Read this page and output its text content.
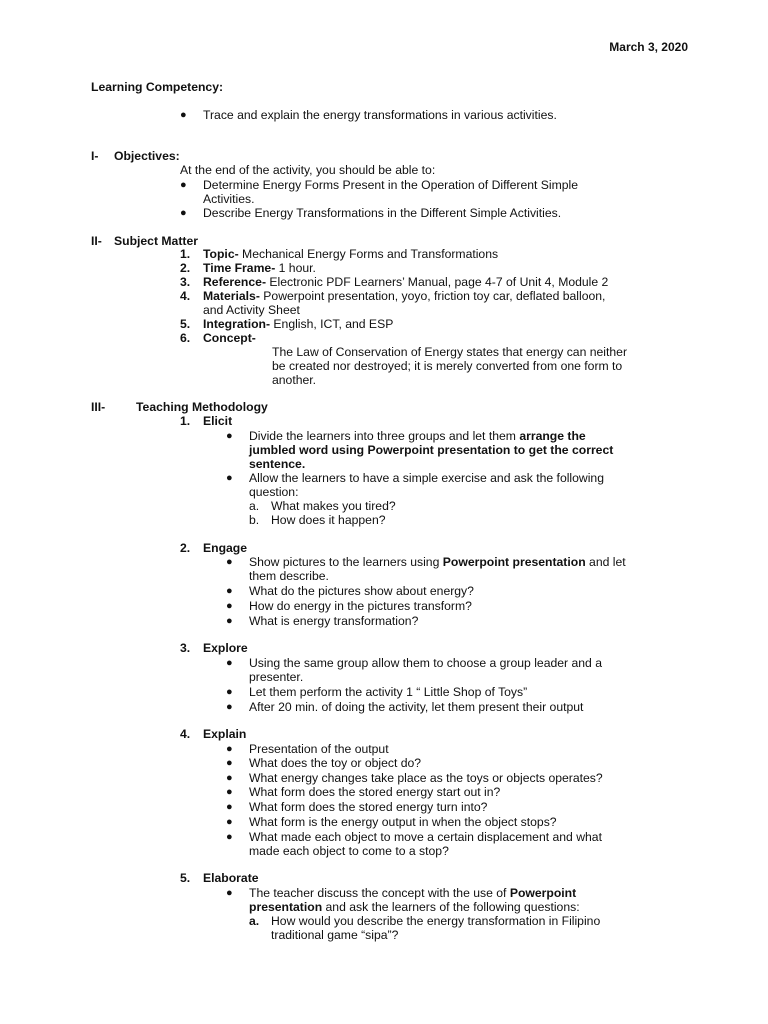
March 3, 2020
Learning Competency:
● Trace and explain the energy transformations in various activities.
I- Objectives:
At the end of the activity, you should be able to:
● Determine Energy Forms Present in the Operation of Different Simple
Activities.
● Describe Energy Transformations in the Different Simple Activities.
II- Subject Matter
1. Topic- Mechanical Energy Forms and Transformations
2. Time Frame- 1 hour.
3. Reference- Electronic PDF Learners’ Manual, page 4-7 of Unit 4, Module 2
4. Materials- Powerpoint presentation, yoyo, friction toy car, deflated balloon,
and Activity Sheet
5. Integration- English, ICT, and ESP
6. Concept-
The Law of Conservation of Energy states that energy can neither
be created nor destroyed; it is merely converted from one form to
another.
III-	Teaching Methodology
1. Elicit
● Divide the learners into three groups and let them arrange the
jumbled word using Powerpoint presentation to get the correct
sentence.
● Allow the learners to have a simple exercise and ask the following
question:
a. What makes you tired?
b. How does it happen?
2. Engage
● Show pictures to the learners using Powerpoint presentation and let
them describe.
● What do the pictures show about energy?
● How do energy in the pictures transform?
● What is energy transformation?
3. Explore
● Using the same group allow them to choose a group leader and a
presenter.
● Let them perform the activity 1 “ Little Shop of Toys”
● After 20 min. of doing the activity, let them present their output
4. Explain
● Presentation of the output
● What does the toy or object do?
● What energy changes take place as the toys or objects operates?
● What form does the stored energy start out in?
● What form does the stored energy turn into?
● What form is the energy output in when the object stops?
● What made each object to move a certain displacement and what
made each object to come to a stop?
5. Elaborate
● The teacher discuss the concept with the use of Powerpoint
presentation and ask the learners of the following questions:
a. How would you describe the energy transformation in Filipino
traditional game “sipa”?
